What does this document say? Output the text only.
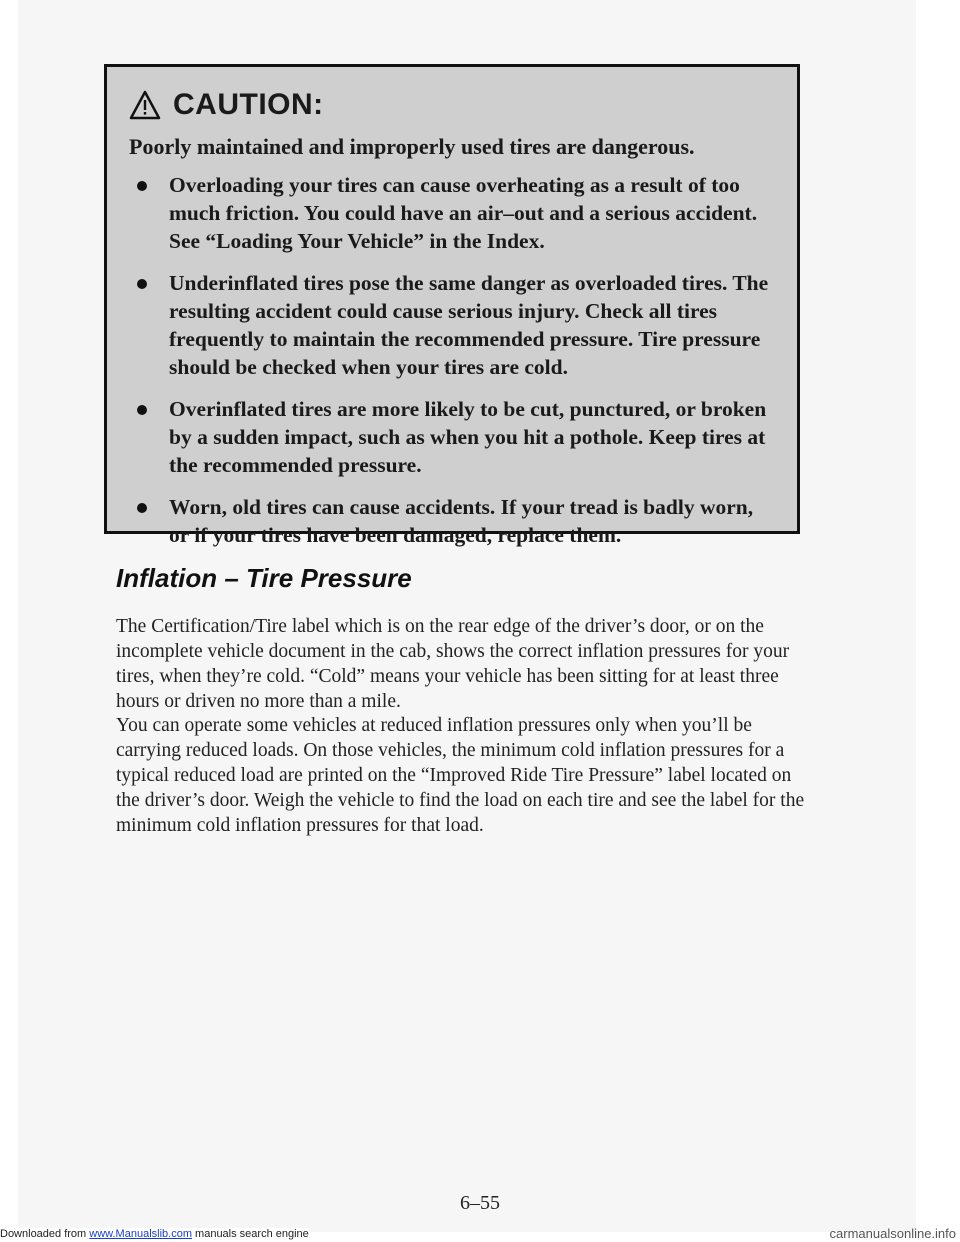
CAUTION:
Poorly maintained and improperly used tires are dangerous.
Overloading your tires can cause overheating as a result of too much friction. You could have an air–out and a serious accident. See “Loading Your Vehicle” in the Index.
Underinflated tires pose the same danger as overloaded tires. The resulting accident could cause serious injury. Check all tires frequently to maintain the recommended pressure. Tire pressure should be checked when your tires are cold.
Overinflated tires are more likely to be cut, punctured, or broken by a sudden impact, such as when you hit a pothole. Keep tires at the recommended pressure.
Worn, old tires can cause accidents. If your tread is badly worn, or if your tires have been damaged, replace them.
Inflation – Tire Pressure

The Certification/Tire label which is on the rear edge of the driver’s door, or on the incomplete vehicle document in the cab, shows the correct inflation pressures for your tires, when they’re cold. “Cold” means your vehicle has been sitting for at least three hours or driven no more than a mile.

You can operate some vehicles at reduced inflation pressures only when you’ll be carrying reduced loads. On those vehicles, the minimum cold inflation pressures for a typical reduced load are printed on the “Improved Ride Tire Pressure” label located on the driver’s door. Weigh the vehicle to find the load on each tire and see the label for the minimum cold inflation pressures for that load.

6–55
Downloaded from www.Manualslib.com manuals search engine	carmanualsonline.info
